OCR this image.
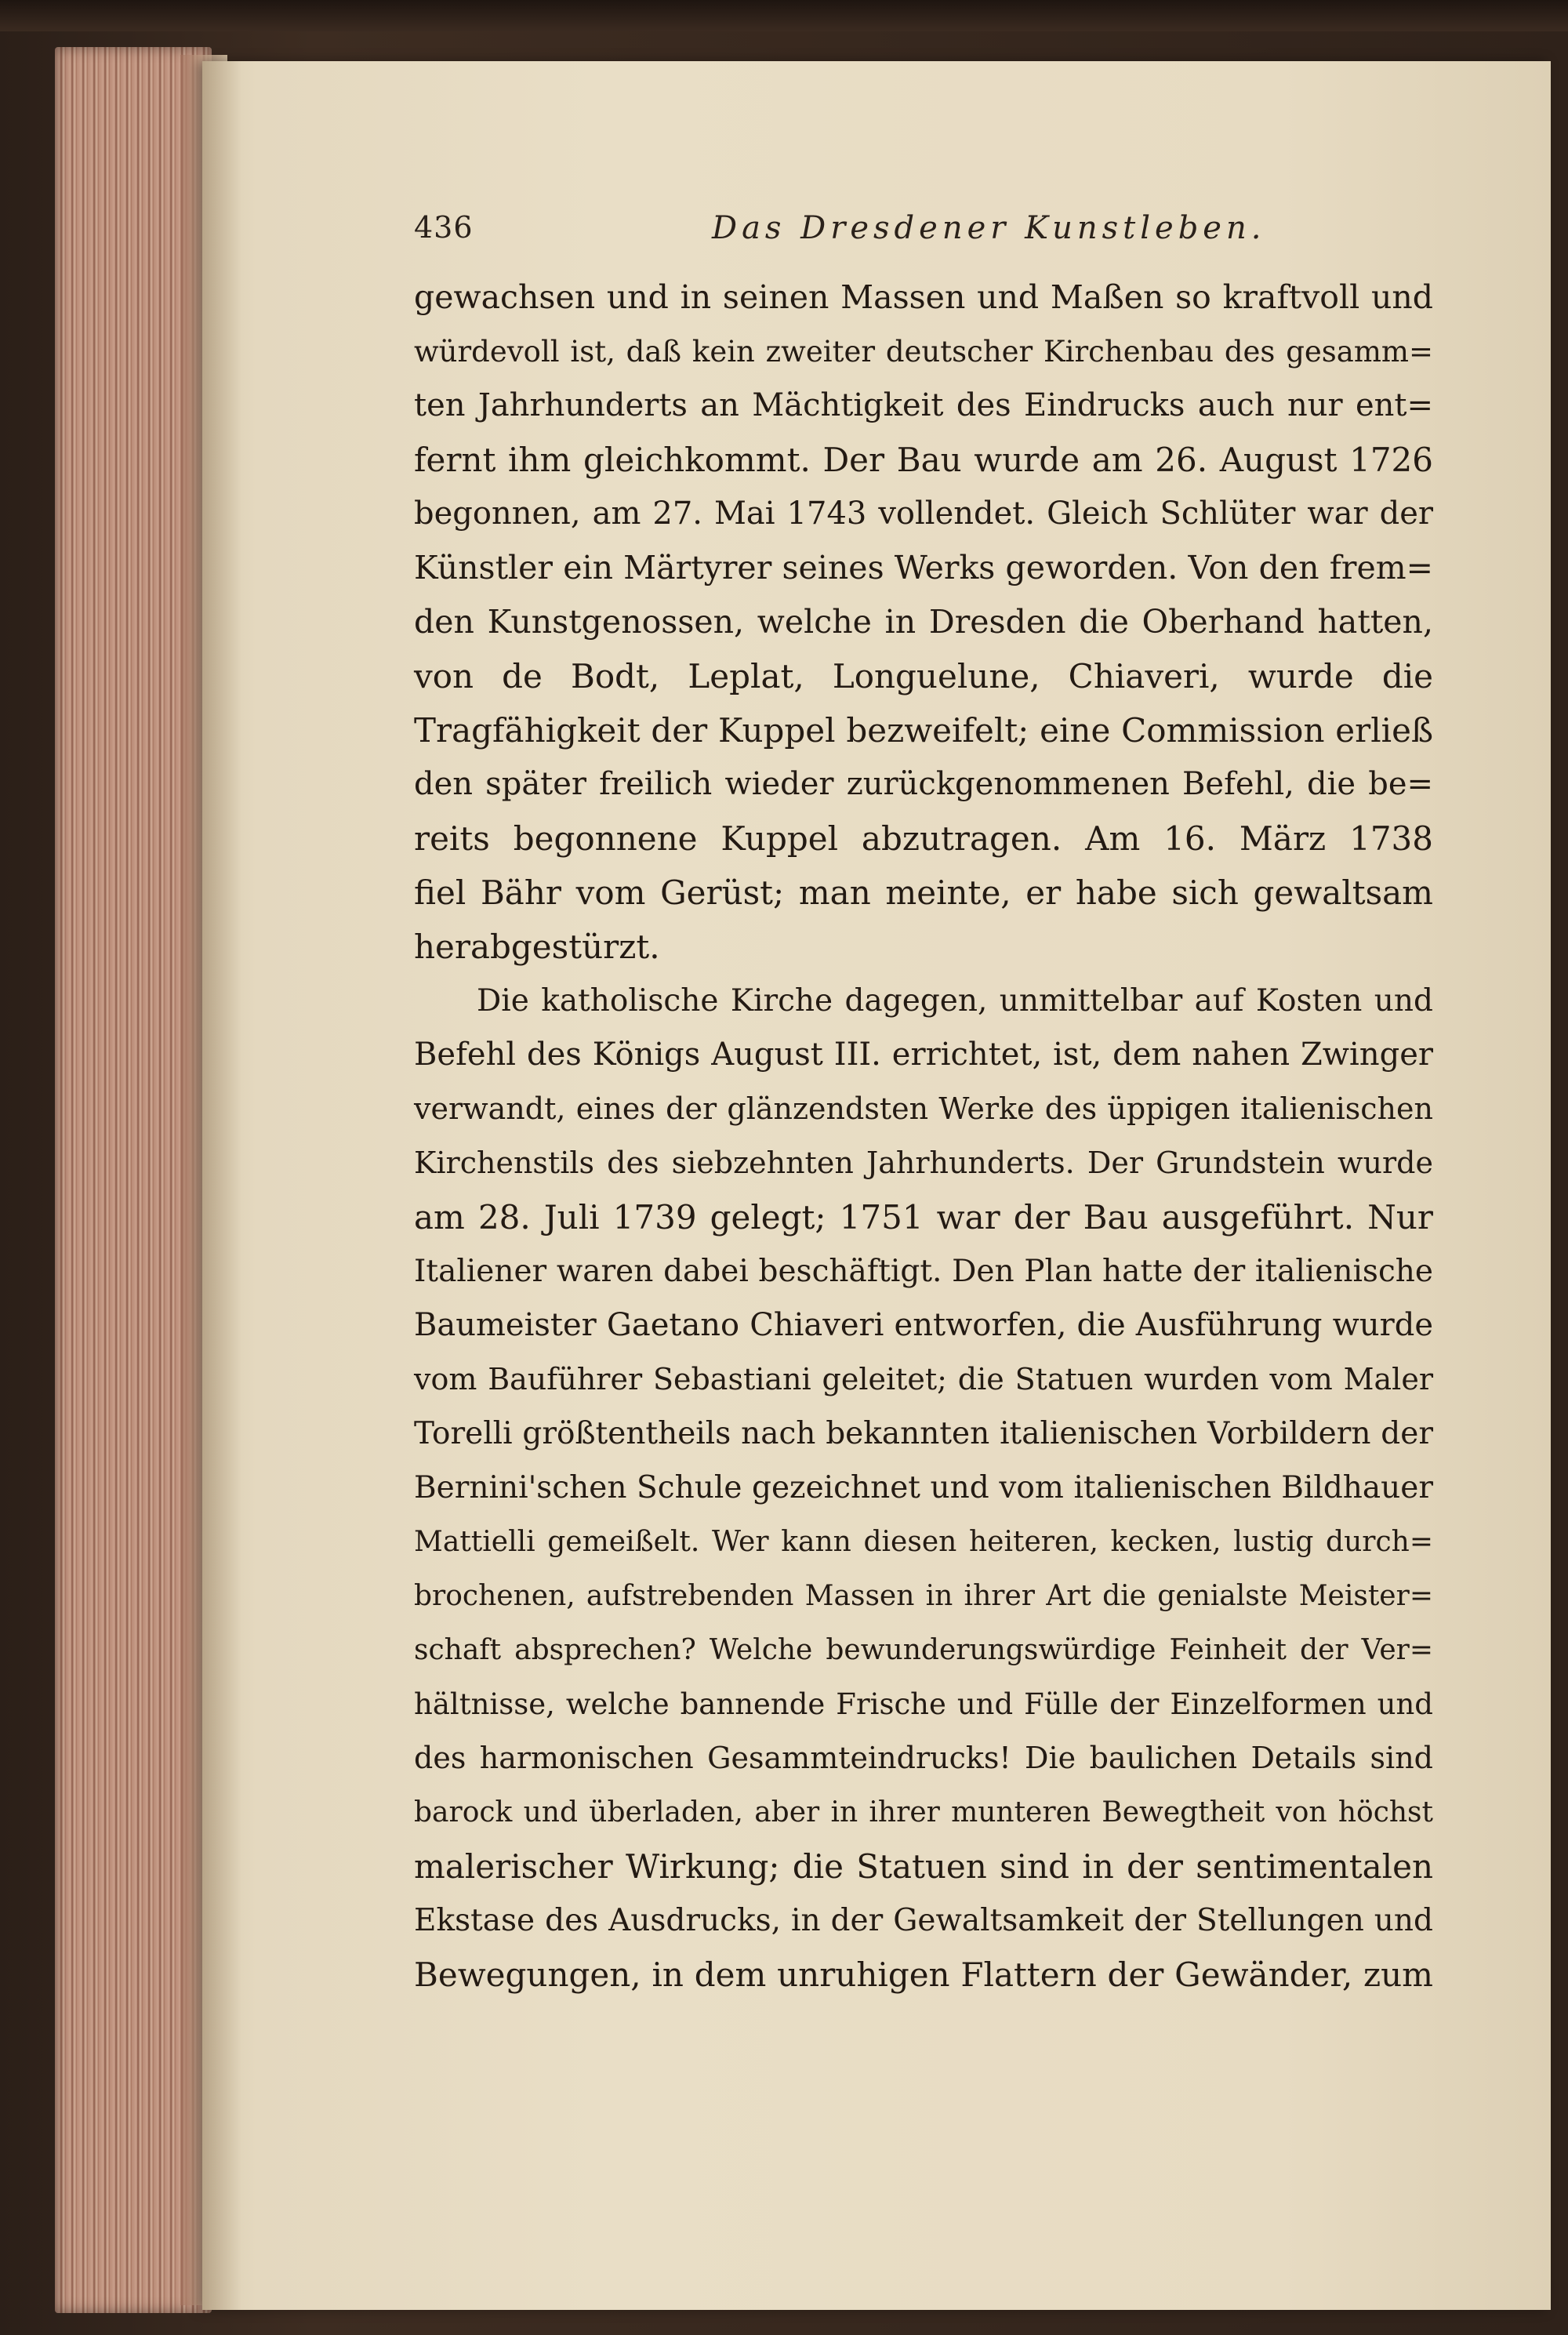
436	Das Dresdener Kunstleben.
gewachsen und in seinen Massen und Maßen so kraftvoll und
würdevoll ist, daß kein zweiter deutscher Kirchenbau des gesamm=
ten Jahrhunderts an Mächtigkeit des Eindrucks auch nur ent=
fernt ihm gleichkommt. Der Bau wurde am 26. August 1726
begonnen, am 27. Mai 1743 vollendet. Gleich Schlüter war der
Künstler ein Märtyrer seines Werks geworden. Von den frem=
den Kunstgenossen, welche in Dresden die Oberhand hatten,
von de Bodt, Leplat, Longuelune, Chiaveri, wurde die
Tragfähigkeit der Kuppel bezweifelt; eine Commission erließ
den später freilich wieder zurückgenommenen Befehl, die be=
reits begonnene Kuppel abzutragen. Am 16. März 1738
fiel Bähr vom Gerüst; man meinte, er habe sich gewaltsam
herabgestürzt.
Die katholische Kirche dagegen, unmittelbar auf Kosten und
Befehl des Königs August III. errichtet, ist, dem nahen Zwinger
verwandt, eines der glänzendsten Werke des üppigen italienischen
Kirchenstils des siebzehnten Jahrhunderts. Der Grundstein wurde
am 28. Juli 1739 gelegt; 1751 war der Bau ausgeführt. Nur
Italiener waren dabei beschäftigt. Den Plan hatte der italienische
Baumeister Gaetano Chiaveri entworfen, die Ausführung wurde
vom Bauführer Sebastiani geleitet; die Statuen wurden vom Maler
Torelli größtentheils nach bekannten italienischen Vorbildern der
Bernini'schen Schule gezeichnet und vom italienischen Bildhauer
Mattielli gemeißelt. Wer kann diesen heiteren, kecken, lustig durch=
brochenen, aufstrebenden Massen in ihrer Art die genialste Meister=
schaft absprechen? Welche bewunderungswürdige Feinheit der Ver=
hältnisse, welche bannende Frische und Fülle der Einzelformen und
des harmonischen Gesammteindrucks! Die baulichen Details sind
barock und überladen, aber in ihrer munteren Bewegtheit von höchst
malerischer Wirkung; die Statuen sind in der sentimentalen
Ekstase des Ausdrucks, in der Gewaltsamkeit der Stellungen und
Bewegungen, in dem unruhigen Flattern der Gewänder, zum
